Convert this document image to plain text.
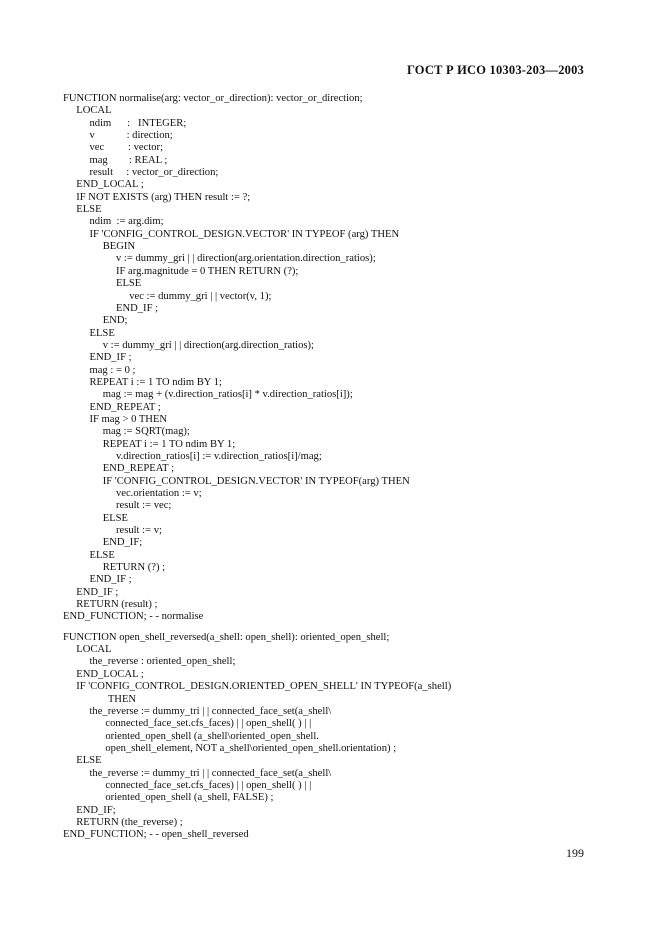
ГОСТ Р ИСО 10303-203—2003
FUNCTION normalise(arg: vector_or_direction): vector_or_direction;
LOCAL
ndim      :   INTEGER;
v            : direction;
vec         : vector;
mag        : REAL ;
result     : vector_or_direction;
END_LOCAL ;
IF NOT EXISTS (arg) THEN result := ?;
ELSE
ndim  := arg.dim;
IF 'CONFIG_CONTROL_DESIGN.VECTOR' IN TYPEOF (arg) THEN
BEGIN
v := dummy_gri | | direction(arg.orientation.direction_ratios);
IF arg.magnitude = 0 THEN RETURN (?);
ELSE
vec := dummy_gri | | vector(v, 1);
END_IF ;
END;
ELSE
v := dummy_gri | | direction(arg.direction_ratios);
END_IF ;
mag : = 0 ;
REPEAT i := 1 TO ndim BY 1;
mag := mag + (v.direction_ratios[i] * v.direction_ratios[i]);
END_REPEAT ;
IF mag > 0 THEN
mag := SQRT(mag);
REPEAT i := 1 TO ndim BY 1;
v.direction_ratios[i] := v.direction_ratios[i]/mag;
END_REPEAT ;
IF 'CONFIG_CONTROL_DESIGN.VECTOR' IN TYPEOF(arg) THEN
vec.orientation := v;
result := vec;
ELSE
result := v;
END_IF;
ELSE
RETURN (?) ;
END_IF ;
END_IF ;
RETURN (result) ;
END_FUNCTION; - - normalise
FUNCTION open_shell_reversed(a_shell: open_shell): oriented_open_shell;
LOCAL
the_reverse : oriented_open_shell;
END_LOCAL ;
IF 'CONFIG_CONTROL_DESIGN.ORIENTED_OPEN_SHELL' IN TYPEOF(a_shell)
THEN
the_reverse := dummy_tri | | connected_face_set(a_shell\
connected_face_set.cfs_faces) | | open_shell( ) | |
oriented_open_shell (a_shell\oriented_open_shell.
open_shell_element, NOT a_shell\oriented_open_shell.orientation) ;
ELSE
the_reverse := dummy_tri | | connected_face_set(a_shell\
connected_face_set.cfs_faces) | | open_shell( ) | |
oriented_open_shell (a_shell, FALSE) ;
END_IF;
RETURN (the_reverse) ;
END_FUNCTION; - - open_shell_reversed
199
